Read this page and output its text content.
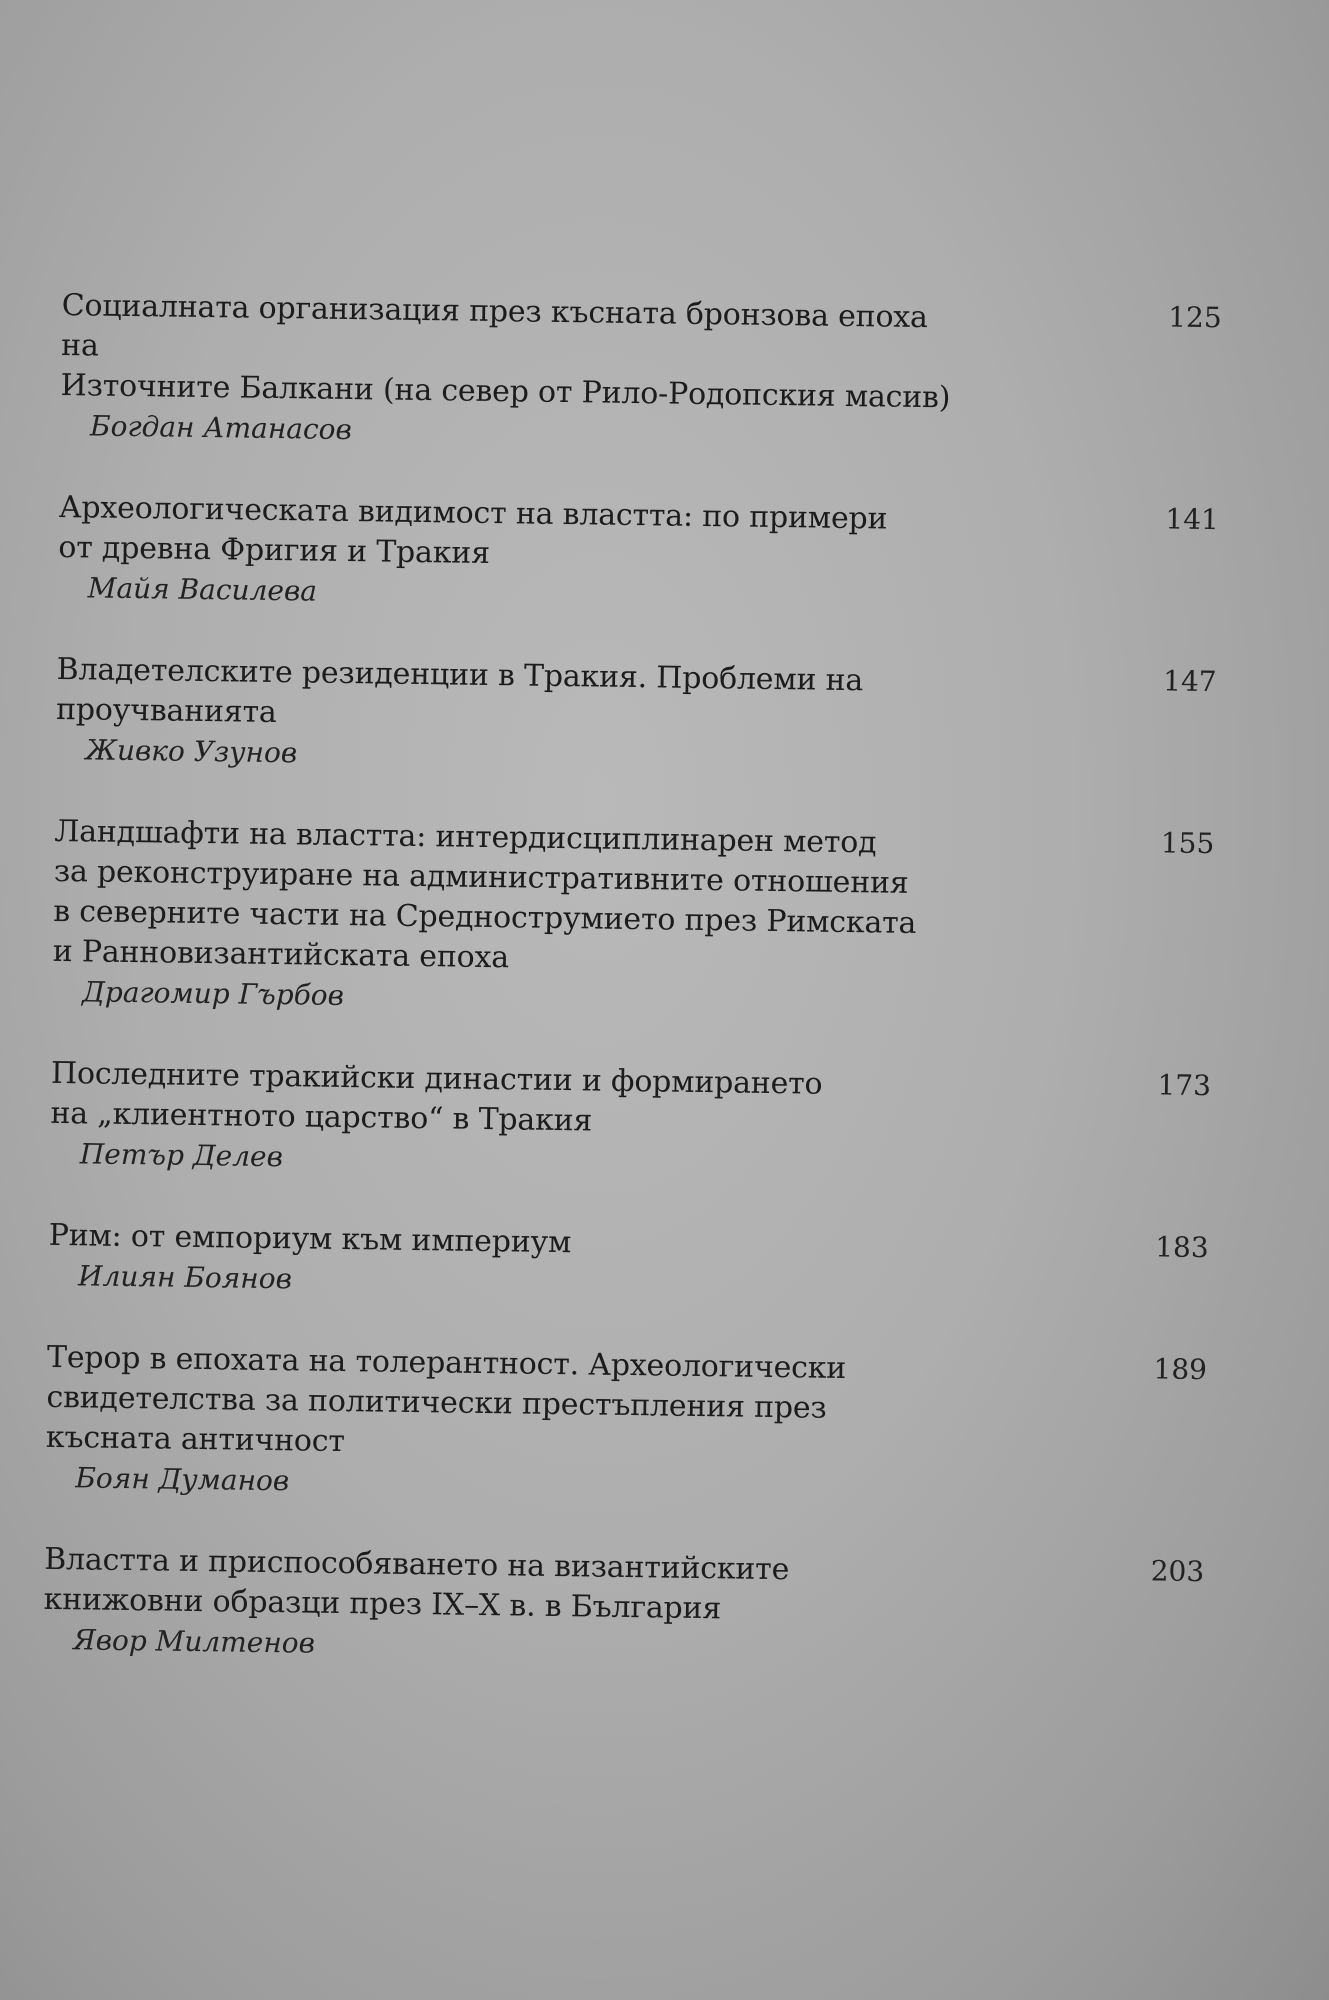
Социалната организация през късната бронзова епоха на
Източните Балкани (на север от Рило-Родопския масив)
Богдан Атанасов
125
Археологическата видимост на властта: по примери
от древна Фригия и Тракия
Майя Василева
141
Владетелските резиденции в Тракия. Проблеми на
проучванията
Живко Узунов
147
Ландшафти на властта: интердисциплинарен метод
за реконструиране на административните отношения
в северните части на Среднострумието през Римската
и Ранновизантийската епоха
Драгомир Гърбов
155
Последните тракийски династии и формирането
на „клиентното царство“ в Тракия
Петър Делев
173
Рим: от емпориум към империум
Илиян Боянов
183
Терор в епохата на толерантност. Археологически
свидетелства за политически престъпления през
късната античност
Боян Думанов
189
Властта и приспособяването на византийските
книжовни образци през IX–X в. в България
Явор Милтенов
203
